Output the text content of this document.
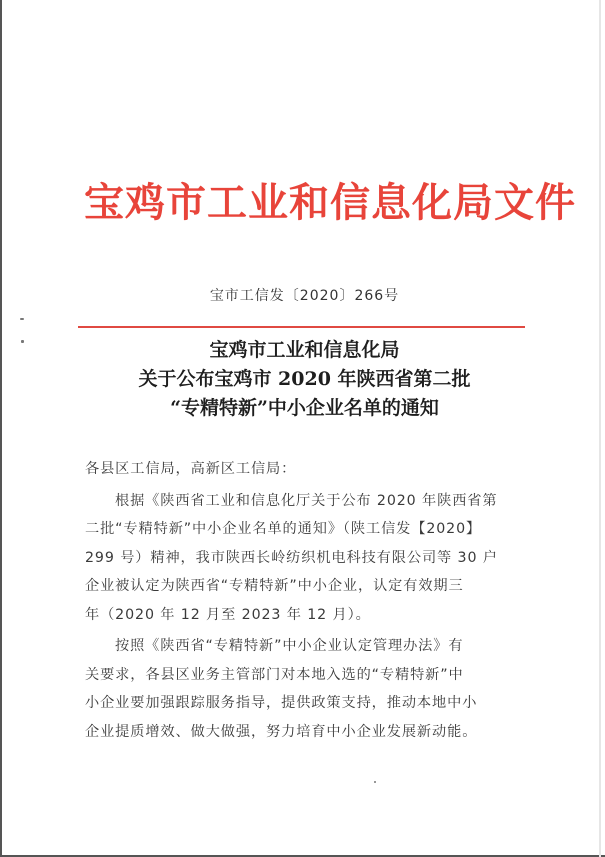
宝鸡市工业和信息化局文件
宝市工信发〔2020〕266号
宝鸡市工业和信息化局
关于公布宝鸡市 2020 年陕西省第二批
“专精特新”中小企业名单的通知
各县区工信局，高新区工信局：
根据《陕西省工业和信息化厅关于公布 2020 年陕西省第
二批“专精特新”中小企业名单的通知》（陕工信发【2020】
299 号）精神，我市陕西长岭纺织机电科技有限公司等 30 户
企业被认定为陕西省“专精特新”中小企业，认定有效期三
年（2020 年 12 月至 2023 年 12 月）。
按照《陕西省“专精特新”中小企业认定管理办法》有
关要求，各县区业务主管部门对本地入选的“专精特新”中
小企业要加强跟踪服务指导，提供政策支持，推动本地中小
企业提质增效、做大做强，努力培育中小企业发展新动能。
